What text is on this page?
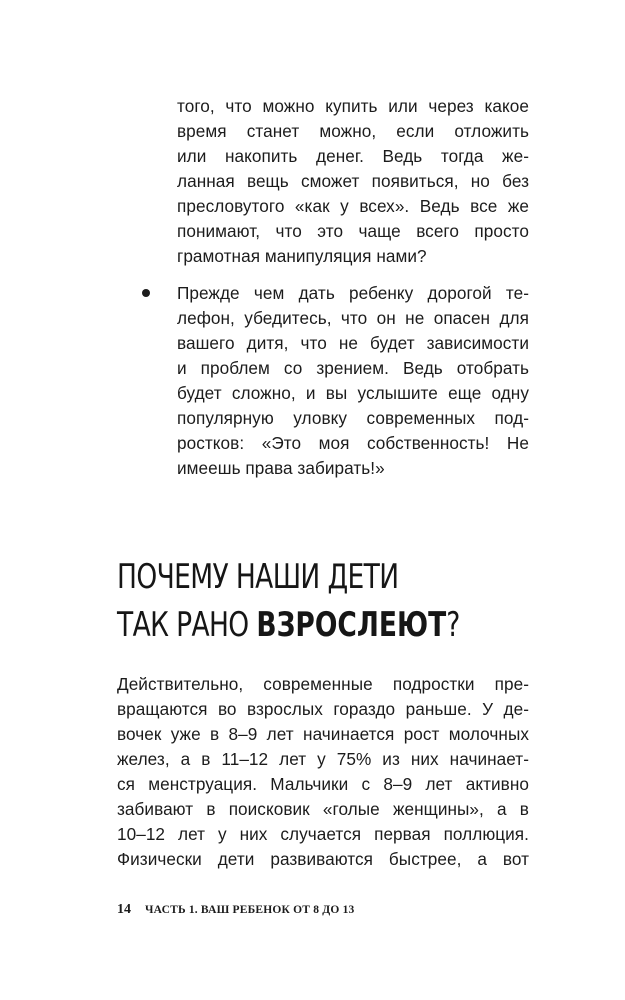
того, что можно купить или через какое
время станет можно, если отложить
или накопить денег. Ведь тогда же-
ланная вещь сможет появиться, но без
пресловутого «как у всех». Ведь все же
понимают, что это чаще всего просто
грамотная манипуляция нами?
Прежде чем дать ребенку дорогой те-
лефон, убедитесь, что он не опасен для
вашего дитя, что не будет зависимости
и проблем со зрением. Ведь отобрать
будет сложно, и вы услышите еще одну
популярную уловку современных под-
ростков: «Это моя собственность! Не
имеешь права забирать!»
ПОЧЕМУ НАШИ ДЕТИ
ТАК РАНО ВЗРОСЛЕЮТ?
Действительно, современные подростки пре-
вращаются во взрослых гораздо раньше. У де-
вочек уже в 8–9 лет начинается рост молочных
желез, а в 11–12 лет у 75% из них начинает-
ся менструация. Мальчики с 8–9 лет активно
забивают в поисковик «голые женщины», а в
10–12 лет у них случается первая поллюция.
Физически дети развиваются быстрее, а вот
14 ЧАСТЬ 1. ВАШ РЕБЕНОК ОТ 8 ДО 13
